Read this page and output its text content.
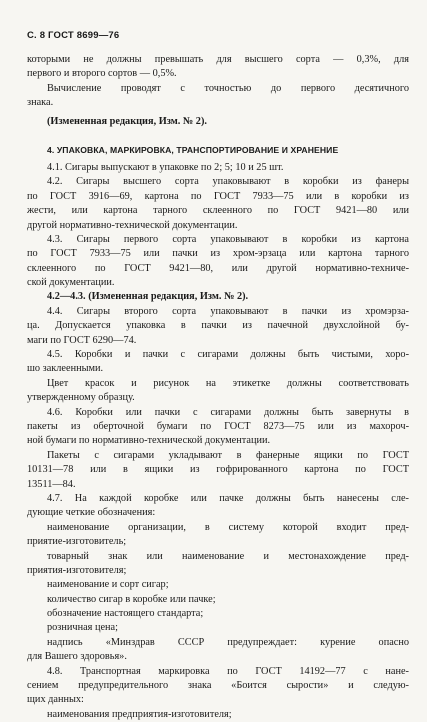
С. 8 ГОСТ 8699—76
которыми не должны превышать для высшего сорта — 0,3%, для
первого и второго сортов — 0,5%.
Вычисление проводят с точностью до первого десятичного
знака.
(Измененная редакция, Изм. № 2).
4. УПАКОВКА, МАРКИРОВКА, ТРАНСПОРТИРОВАНИЕ И ХРАНЕНИЕ
4.1. Сигары выпускают в упаковке по 2; 5; 10 и 25 шт.
4.2. Сигары высшего сорта упаковывают в коробки из фанеры
по ГОСТ 3916—69, картона по ГОСТ 7933—75 или в коробки из
жести, или картона тарного склеенного по ГОСТ 9421—80 или
другой нормативно-технической документации.
4.3. Сигары первого сорта упаковывают в коробки из картона
по ГОСТ 7933—75 или пачки из хром-эрзаца или картона тарного
склеенного по ГОСТ 9421—80, или другой нормативно-техниче-
ской документации.
4.2—4.3. (Измененная редакция, Изм. № 2).
4.4. Сигары второго сорта упаковывают в пачки из хромэрза-
ца. Допускается упаковка в пачки из пачечной двухслойной бу-
маги по ГОСТ 6290—74.
4.5. Коробки и пачки с сигарами должны быть чистыми, хоро-
шо заклеенными.
Цвет красок и рисунок на этикетке должны соответствовать
утвержденному образцу.
4.6. Коробки или пачки с сигарами должны быть завернуты в
пакеты из оберточной бумаги по ГОСТ 8273—75 или из махороч-
ной бумаги по нормативно-технической документации.
Пакеты с сигарами укладывают в фанерные ящики по ГОСТ
10131—78 или в ящики из гофрированного картона по ГОСТ
13511—84.
4.7. На каждой коробке или пачке должны быть нанесены сле-
дующие четкие обозначения:
наименование организации, в систему которой входит пред-
приятие-изготовитель;
товарный знак или наименование и местонахождение пред-
приятия-изготовителя;
наименование и сорт сигар;
количество сигар в коробке или пачке;
обозначение настоящего стандарта;
розничная цена;
надпись «Минздрав СССР предупреждает: курение опасно
для Вашего здоровья».
4.8. Транспортная маркировка по ГОСТ 14192—77 с нане-
сением предупредительного знака «Боится сырости» и следую-
щих данных:
наименования предприятия-изготовителя;
